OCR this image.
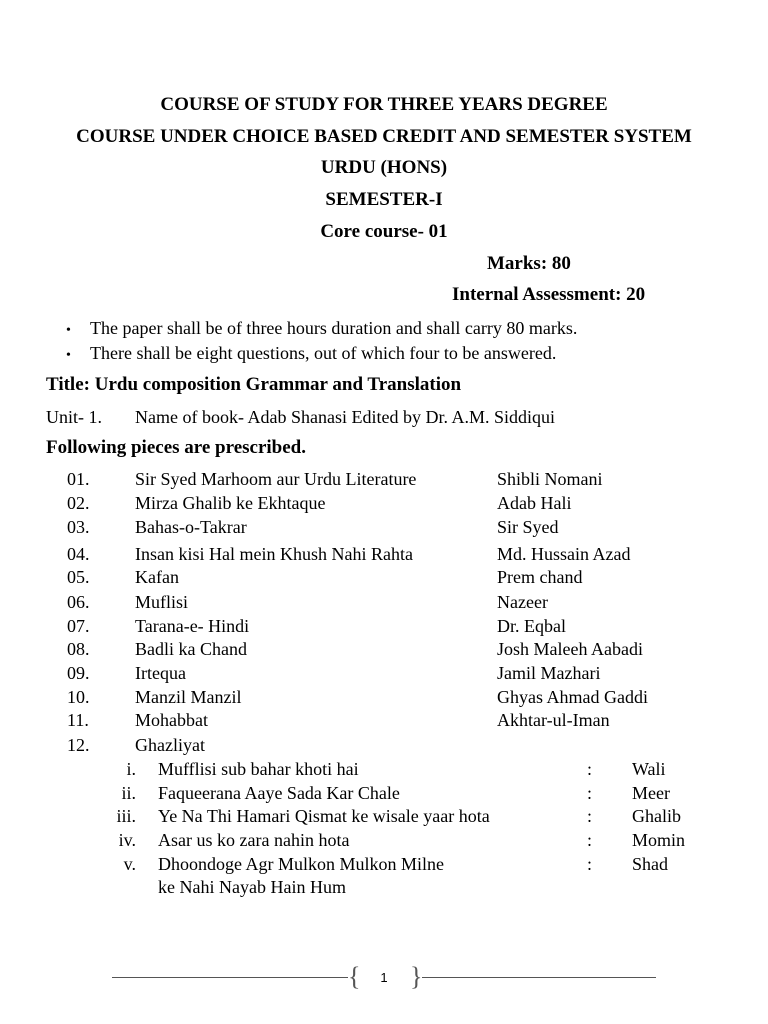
COURSE OF STUDY FOR THREE YEARS DEGREE
COURSE UNDER CHOICE BASED CREDIT AND SEMESTER SYSTEM
URDU (HONS)
SEMESTER-I
Core course- 01
Marks: 80
Internal Assessment: 20
• The paper shall be of three hours duration and shall carry 80 marks.
• There shall be eight questions, out of which four to be answered.
Title: Urdu composition Grammar and Translation
Unit- 1. Name of book- Adab Shanasi Edited by Dr. A.M. Siddiqui
Following pieces are prescribed.
01.	Sir Syed Marhoom aur Urdu Literature	Shibli Nomani
02.	Mirza Ghalib ke Ekhtaque	Adab Hali
03.	Bahas-o-Takrar	Sir Syed
04.	Insan kisi Hal mein Khush Nahi Rahta	Md. Hussain Azad
05.	Kafan	Prem chand
06.	Muflisi	Nazeer
07.	Tarana-e- Hindi	Dr. Eqbal
08.	Badli ka Chand	Josh Maleeh Aabadi
09.	Irtequa	Jamil Mazhari
10.	Manzil Manzil	Ghyas Ahmad Gaddi
11.	Mohabbat	Akhtar-ul-Iman
12.	Ghazliyat
i. Mufflisi sub bahar khoti hai	: Wali
ii. Faqueerana Aaye Sada Kar Chale	: Meer
iii. Ye Na Thi Hamari Qismat ke wisale yaar hota	: Ghalib
iv. Asar us ko zara nahin hota	: Momin
v. Dhoondoge Agr Mulkon Mulkon Milne	: Shad
ke Nahi Nayab Hain Hum
{	1 }
